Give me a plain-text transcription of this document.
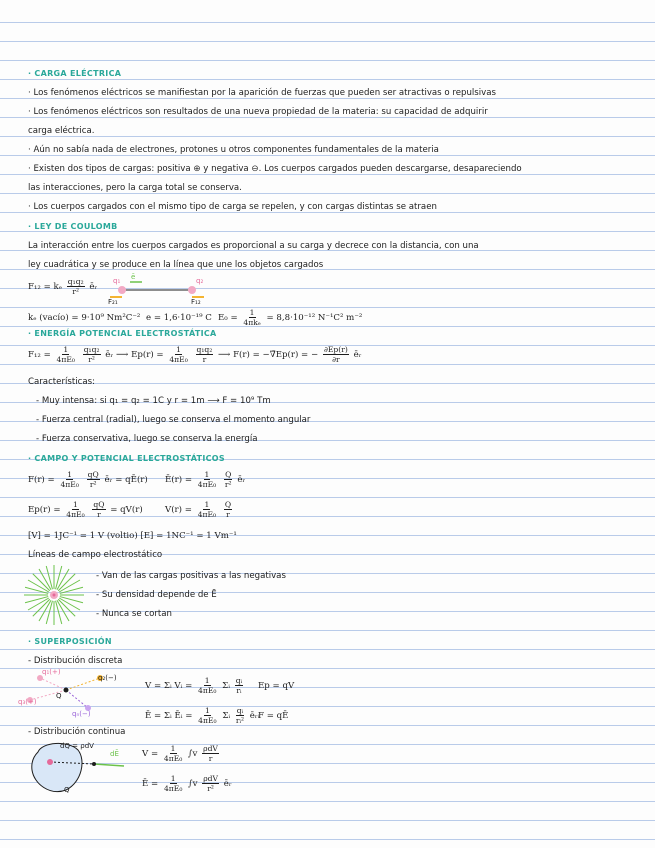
· CARGA ELÉCTRICA
· Los fenómenos eléctricos se manifiestan por la aparición de fuerzas que pueden ser atractivas o repulsivas
· Los fenómenos eléctricos son resultados de una nueva propiedad de la materia: su capacidad de adquirir
carga eléctrica.
· Aún no sabía nada de electrones, protones u otros componentes fundamentales de la materia
· Existen dos tipos de cargas: positiva ⊕ y negativa ⊖. Los cuerpos cargados pueden descargarse, desapareciendo
las interacciones, pero la carga total se conserva.
· Los cuerpos cargados con el mismo tipo de carga se repelen, y con cargas distintas se atraen
· LEY DE COULOMB
La interacción entre los cuerpos cargados es proporcional a su carga y decrece con la distancia, con una
ley cuadrática y se produce en la línea que une los objetos cargados
F₁₂ = kₑ $\frac{\text{q₁q₂}}{\text{r²}}$ ēᵣ
q₁	q₂
ē
F₂₁	F₁₂
kₑ (vacío) = 9·10⁹ Nm²C⁻² e = 1,6·10⁻¹⁹ C E₀ =
1
4πkₑ = 8,8·10⁻¹² N⁻¹C² m⁻²
· ENERGÍA POTENCIAL ELECTROSTÁTICA
$F_{12} = \frac{1}{\text{4πE₀}}$
$\frac{\text{q₁q₂}}{\text{r²}}$ ēᵣ ⟶ $Ep(r) = \frac{1}{\text{4πE₀}}$
$\frac{\text{q₁q₂}}{r}$ ⟶ F(r) = −∇̄Ep(r) = − $\frac{\partial Ep(r)}{\partial r}$ ēᵣ
Características:
- Muy intensa: si q₁ = q₂ = 1C y r = 1m ⟶ F = 10⁹ Tm
- Fuerza central (radial), luego se conserva el momento angular
- Fuerza conservativa, luego se conserva la energía
· CAMPO Y POTENCIAL ELECTROSTÁTICOS
$F(r) = \frac{1}{\text{4πE₀}}$
$\frac{qQ}{\text{r²}}$ ēᵣ = qĒ(r) Ē(r) = $\frac{1}{\text{4πE₀}}$
$\frac{Q}{\text{r²}}$ ēᵣ
$Ep(r) = \frac{1}{\text{4πE₀}}$
$\frac{qQ}{r} = qV(r)$	$V(r) = \frac{1}{\text{4πE₀}}$
$\frac{Q}{r}$
[V] = 1JC⁻¹ = 1 V (voltio) [E] = 1NC⁻¹ = 1 Vm⁻¹
Líneas de campo electrostático
- Van de las cargas positivas a las negativas
- Su densidad depende de Ē
- Nunca se cortan
· SUPERPOSICIÓN
- Distribución discreta
q₁(+)
q₂(−)
q₃(+)
qₙ(−)
Q
V = Σᵢ Vᵢ = $\frac{1}{\text{4πE₀}}$ Σᵢ $\frac{\text{qᵢ}}{\text{rᵢ}}$ Ep = qV
Ē = Σᵢ Ēᵢ = $\frac{1}{\text{4πE₀}}$ Σᵢ $\frac{\text{qᵢ}}{\text{rᵢ²}}$ ēᵣᵢ
F = qĒ
- Distribución continua
dQ = ρdV
dĒ
Q
$V = \frac{1}{\text{4πE₀}} \int v$
ρdV
r
Ē = $\frac{1}{\text{4πE₀}} \int v$
ρdV
r² ēᵣ
